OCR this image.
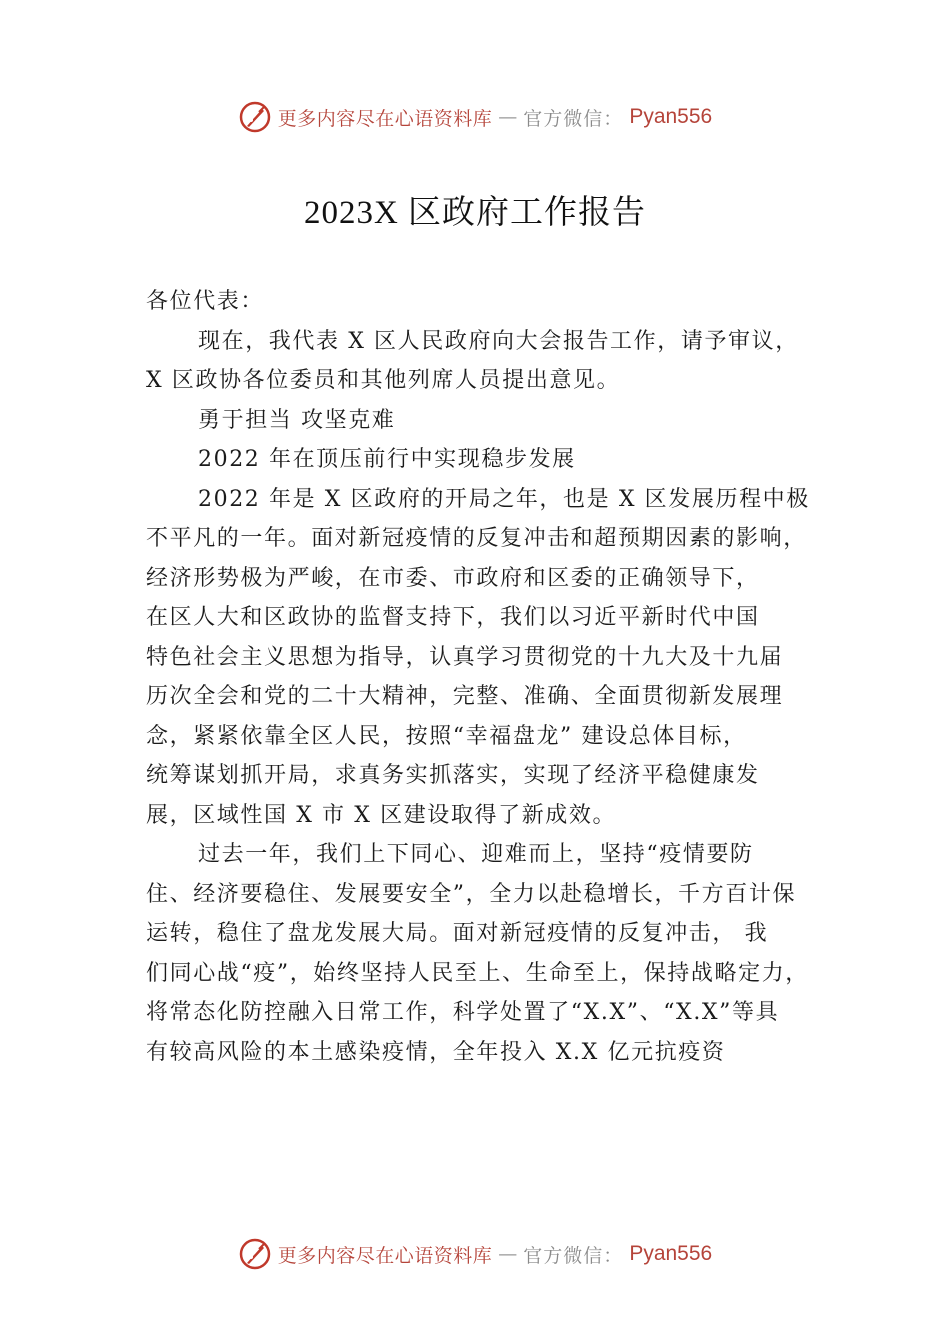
更多内容尽在心语资料库 — 官方微信： Pyan556
2023X 区政府工作报告
各位代表：
现在，我代表 X 区人民政府向大会报告工作，请予审议，
X 区政协各位委员和其他列席人员提出意见。
勇于担当 攻坚克难
2022 年在顶压前行中实现稳步发展
2022 年是 X 区政府的开局之年，也是 X 区发展历程中极
不平凡的一年。面对新冠疫情的反复冲击和超预期因素的影响，
经济形势极为严峻，在市委、市政府和区委的正确领导下，
在区人大和区政协的监督支持下，我们以习近平新时代中国
特色社会主义思想为指导，认真学习贯彻党的十九大及十九届
历次全会和党的二十大精神，完整、准确、全面贯彻新发展理
念，紧紧依靠全区人民，按照“幸福盘龙” 建设总体目标，
统筹谋划抓开局，求真务实抓落实，实现了经济平稳健康发
展，区域性国 X 市 X 区建设取得了新成效。
过去一年，我们上下同心、迎难而上，坚持“疫情要防
住、经济要稳住、发展要安全”，全力以赴稳增长，千方百计保
运转，稳住了盘龙发展大局。面对新冠疫情的反复冲击， 我
们同心战“疫”，始终坚持人民至上、生命至上，保持战略定力，
将常态化防控融入日常工作，科学处置了“X.X”、“X.X”等具
有较高风险的本土感染疫情，全年投入 X.X 亿元抗疫资
更多内容尽在心语资料库 — 官方微信： Pyan556
